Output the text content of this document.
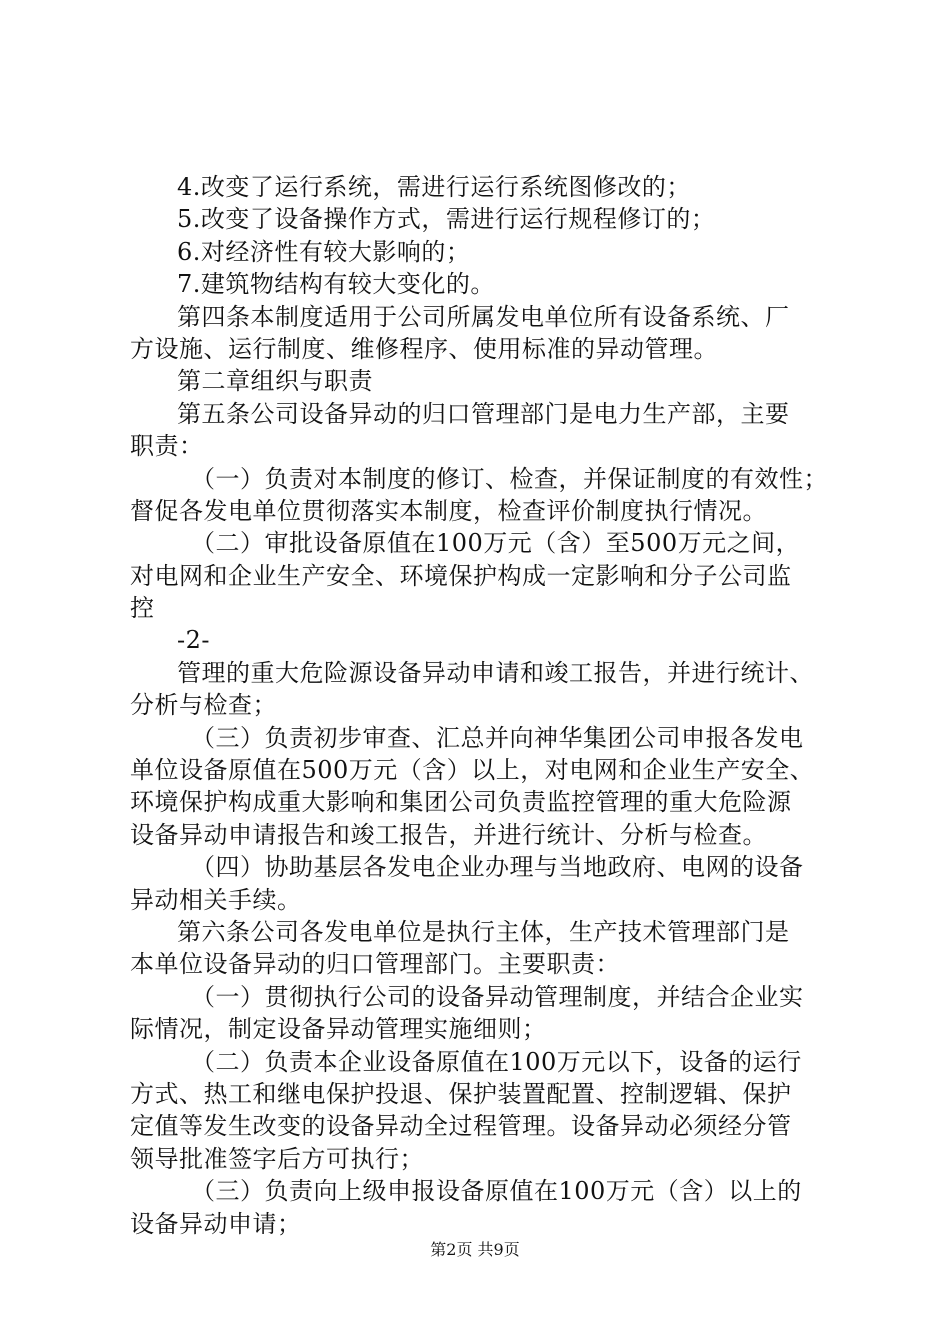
4.改变了运行系统，需进行运行系统图修改的；
5.改变了设备操作方式，需进行运行规程修订的；
6.对经济性有较大影响的；
7.建筑物结构有较大变化的。
第四条本制度适用于公司所属发电单位所有设备系统、厂
方设施、运行制度、维修程序、使用标准的异动管理。
第二章组织与职责
第五条公司设备异动的归口管理部门是电力生产部，主要
职责：
（一）负责对本制度的修订、检查，并保证制度的有效性；
督促各发电单位贯彻落实本制度，检查评价制度执行情况。
（二）审批设备原值在100万元（含）至500万元之间，
对电网和企业生产安全、环境保护构成一定影响和分子公司监
控
-2-
管理的重大危险源设备异动申请和竣工报告，并进行统计、
分析与检查；
（三）负责初步审查、汇总并向神华集团公司申报各发电
单位设备原值在500万元（含）以上，对电网和企业生产安全、
环境保护构成重大影响和集团公司负责监控管理的重大危险源
设备异动申请报告和竣工报告，并进行统计、分析与检查。
（四）协助基层各发电企业办理与当地政府、电网的设备
异动相关手续。
第六条公司各发电单位是执行主体，生产技术管理部门是
本单位设备异动的归口管理部门。主要职责：
（一）贯彻执行公司的设备异动管理制度，并结合企业实
际情况，制定设备异动管理实施细则；
（二）负责本企业设备原值在100万元以下，设备的运行
方式、热工和继电保护投退、保护装置配置、控制逻辑、保护
定值等发生改变的设备异动全过程管理。设备异动必须经分管
领导批准签字后方可执行；
（三）负责向上级申报设备原值在100万元（含）以上的
设备异动申请；
第2页 共9页
